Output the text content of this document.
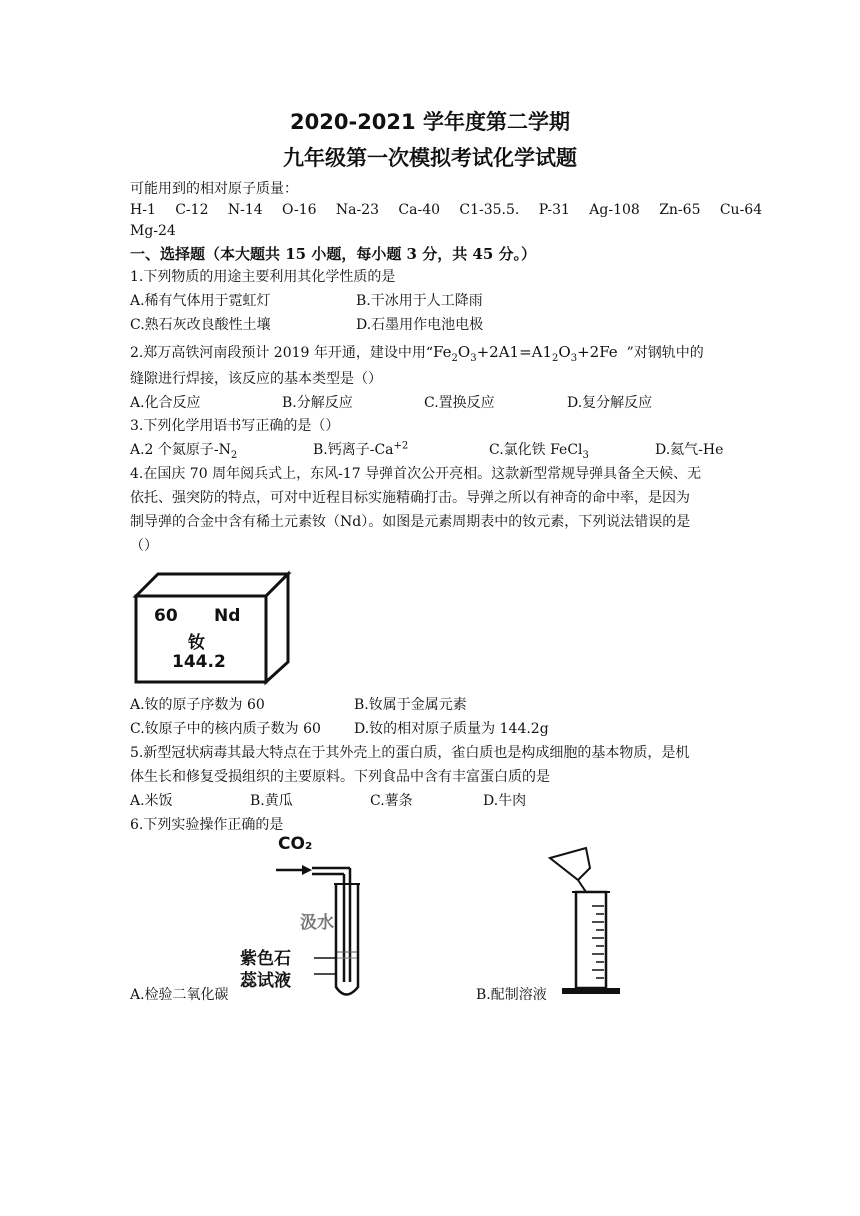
2020-2021 学年度第二学期
九年级第一次模拟考试化学试题
可能用到的相对原子质量：
H-1 C-12 N-14 O-16 Na-23 Ca-40 C1-35.5. P-31 Ag-108 Zn-65 Cu-64
Mg-24
一、选择题（本大题共 15 小题，每小题 3 分，共 45 分。）
1.下列物质的用途主要利用其化学性质的是
A.稀有气体用于霓虹灯	B.干冰用于人工降雨
C.熟石灰改良酸性土壤	D.石墨用作电池电极
2.郑万高铁河南段预计 2019 年开通，建设中用“$Fe_2O_3+2A1=A1_2O_3+2Fe$ ”对钢轨中的
缝隙进行焊接，该反应的基本类型是（）
A.化合反应	B.分解反应	C.置换反应	D.复分解反应
3.下列化学用语书写正确的是（）
A.2 个氮原子$-N_2$	B.钙离子$-Ca^{+2}$	C.氯化铁 FeCl$_3$	D.氦气-He
4.在国庆 70 周年阅兵式上，东风-17 导弹首次公开亮相。这款新型常规导弹具备全天候、无
依托、强突防的特点，可对中近程目标实施精确打击。导弹之所以有神奇的命中率，是因为
制导弹的合金中含有稀土元素钕（Nd）。如图是元素周期表中的钕元素，下列说法错误的是
（）
60 Nd
钕
144.2
A.钕的原子序数为 60	B.钕属于金属元素
C.钕原子中的核内质子数为 60 D.钕的相对原子质量为 144.2g
5.新型冠状病毒其最大特点在于其外壳上的蛋白质，雀白质也是构成细胞的基本物质，是机
体生长和修复受损组织的主要原料。下列食品中含有丰富蛋白质的是
A.米饭	B.黄瓜	C.薯条	D.牛肉
6.下列实验操作正确的是
CO₂
汲水
紫色石
蕊试液
A.检验二氧化碳	B.配制溶液
